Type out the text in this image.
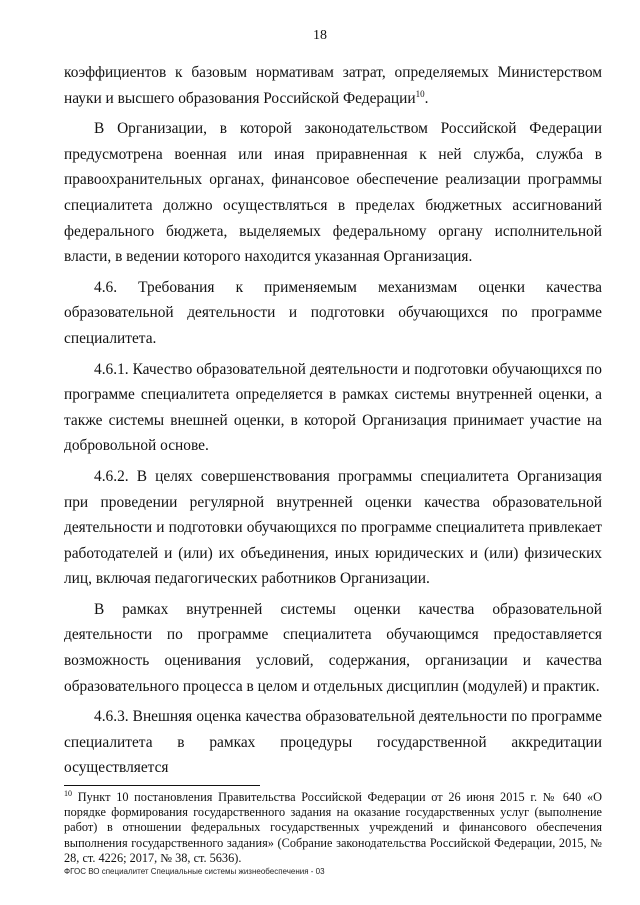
18

коэффициентов к базовым нормативам затрат, определяемых Министерством науки и высшего образования Российской Федерации$^{10}$.

В Организации, в которой законодательством Российской Федерации предусмотрена военная или иная приравненная к ней служба, служба в правоохранительных органах, финансовое обеспечение реализации программы специалитета должно осуществляться в пределах бюджетных ассигнований федерального бюджета, выделяемых федеральному органу исполнительной власти, в ведении которого находится указанная Организация.

4.6. Требования к применяемым механизмам оценки качества образовательной деятельности и подготовки обучающихся по программе специалитета.

4.6.1. Качество образовательной деятельности и подготовки обучающихся по программе специалитета определяется в рамках системы внутренней оценки, а также системы внешней оценки, в которой Организация принимает участие на добровольной основе.

4.6.2. В целях совершенствования программы специалитета Организация при проведении регулярной внутренней оценки качества образовательной деятельности и подготовки обучающихся по программе специалитета привлекает работодателей и (или) их объединения, иных юридических и (или) физических лиц, включая педагогических работников Организации.

В рамках внутренней системы оценки качества образовательной деятельности по программе специалитета обучающимся предоставляется возможность оценивания условий, содержания, организации и качества образовательного процесса в целом и отдельных дисциплин (модулей) и практик.

4.6.3. Внешняя оценка качества образовательной деятельности по программе специалитета в рамках процедуры государственной аккредитации осуществляется

$^{10}$ Пункт 10 постановления Правительства Российской Федерации от 26 июня 2015 г. № 640 «О порядке формирования государственного задания на оказание государственных услуг (выполнение работ) в отношении федеральных государственных учреждений и финансового обеспечения выполнения государственного задания» (Собрание законодательства Российской Федерации, 2015, № 28, ст. 4226; 2017, № 38, ст. 5636).
ФГОС ВО специалитет Специальные системы жизнеобеспечения - 03
